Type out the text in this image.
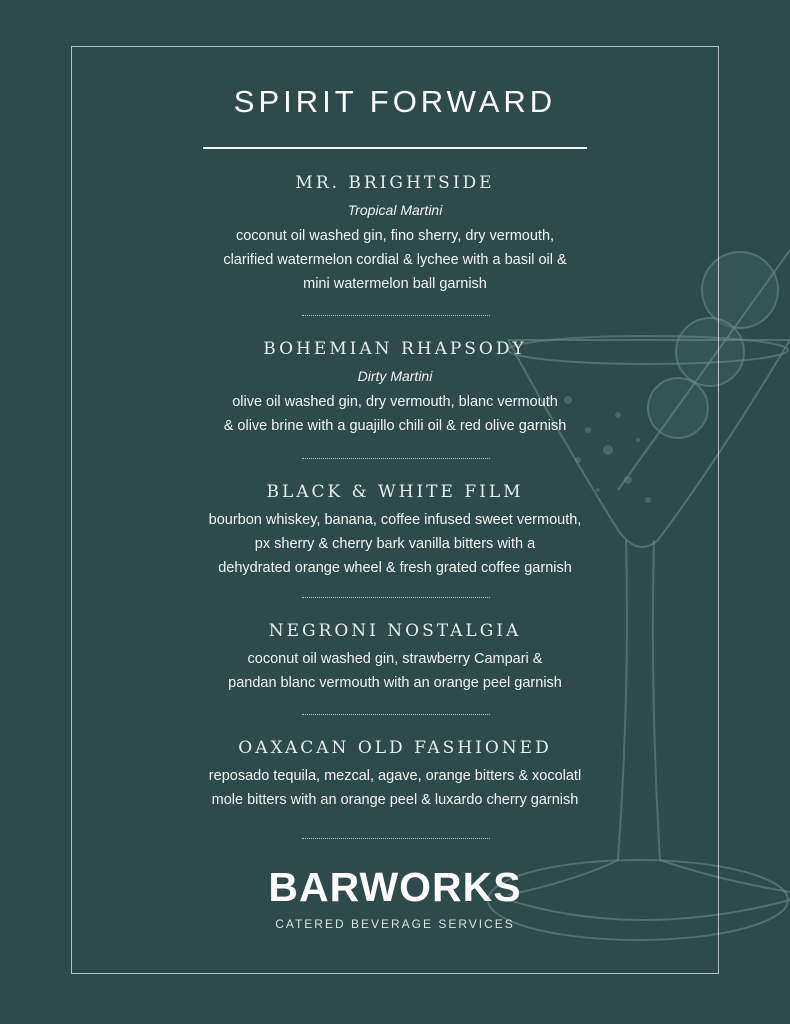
SPIRIT FORWARD
MR. BRIGHTSIDE

Tropical Martini

coconut oil washed gin, fino sherry, dry vermouth,
clarified watermelon cordial & lychee with a basil oil &
mini watermelon ball garnish

BOHEMIAN RHAPSODY

Dirty Martini

olive oil washed gin, dry vermouth, blanc vermouth
& olive brine with a guajillo chili oil & red olive garnish

BLACK & WHITE FILM

bourbon whiskey, banana, coffee infused sweet vermouth,
px sherry & cherry bark vanilla bitters with a
dehydrated orange wheel & fresh grated coffee garnish

NEGRONI NOSTALGIA

coconut oil washed gin, strawberry Campari &
pandan blanc vermouth with an orange peel garnish

OAXACAN OLD FASHIONED

reposado tequila, mezcal, agave, orange bitters & xocolatl
mole bitters with an orange peel & luxardo cherry garnish

BARWORKS
CATERED BEVERAGE SERVICES
